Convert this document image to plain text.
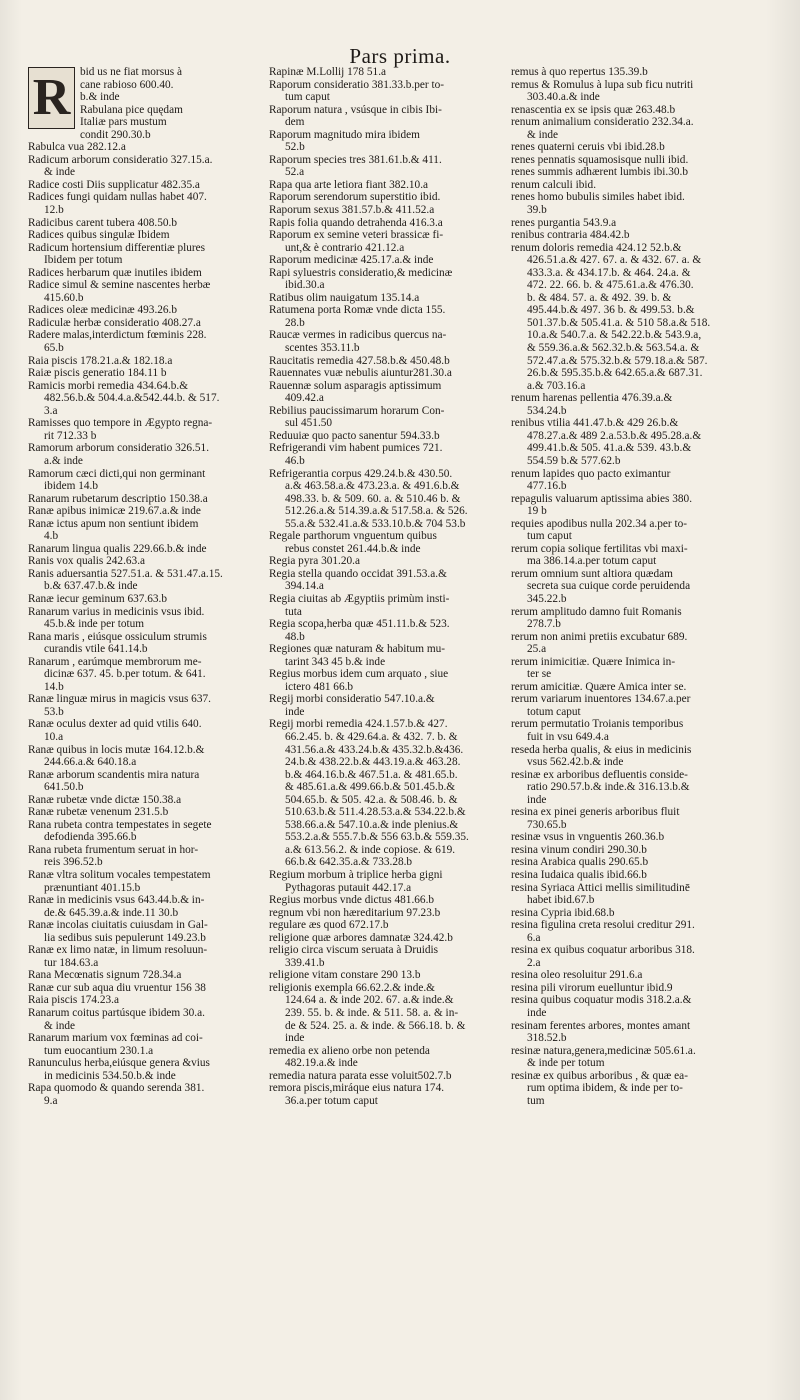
Pars prima.
R bid us ne fiat morsus à
cane rabioso 600.40.
b.& inde
Rabulana pice quędam
Italiæ pars mustum
condit 290.30.b
Rabulca vua 282.12.a
Radicum arborum consideratio 327.15.a.
& inde
Radice costi Diis supplicatur 482.35.a
Radices fungi quidam nullas habet 407.
12.b
Radicibus carent tubera 408.50.b
Radices quibus singulæ Ibidem
Radicum hortensium differentiæ plures
Ibidem per totum
Radices herbarum quæ inutiles ibidem
Radice simul & semine nascentes herbæ
415.60.b
Radices oleæ medicinæ 493.26.b
Radiculæ herbæ consideratio 408.27.a
Radere malas,interdictum fœminis 228.
65.b
Raia piscis 178.21.a.& 182.18.a
Raiæ piscis generatio 184.11 b
Ramicis morbi remedia 434.64.b.&
482.56.b.& 504.4.a.&542.44.b. & 517.
3.a
Ramisses quo tempore in Ægypto regna-
rit 712.33 b
Ramorum arborum consideratio 326.51.
a.& inde
Ramorum cæci dicti,qui non germinant
ibidem 14.b
Ranarum rubetarum descriptio 150.38.a
Ranæ apibus inimicæ 219.67.a.& inde
Ranæ ictus apum non sentiunt ibidem
4.b
Ranarum lingua qualis 229.66.b.& inde
Ranis vox qualis 242.63.a
Ranis aduersantia 527.51.a. & 531.47.a.15.
b.& 637.47.b.& inde
Ranæ iecur geminum 637.63.b
Ranarum varius in medicinis vsus ibid.
45.b.& inde per totum
Rana maris , eiúsque ossiculum strumis
curandis vtile 641.14.b
Ranarum , earúmque membrorum me-
dicinæ 637. 45. b.per totum. & 641.
14.b
Ranæ linguæ mirus in magicis vsus 637.
53.b
Ranæ oculus dexter ad quid vtilis 640.
10.a
Ranæ quibus in locis mutæ 164.12.b.&
244.66.a.& 640.18.a
Ranæ arborum scandentis mira natura
641.50.b
Ranæ rubetæ vnde dictæ 150.38.a
Ranæ rubetæ venenum 231.5.b
Rana rubeta contra tempestates in segete
defodienda 395.66.b
Rana rubeta frumentum seruat in hor-
reis 396.52.b
Ranæ vltra solitum vocales tempestatem
prænuntiant 401.15.b
Ranæ in medicinis vsus 643.44.b.& in-
de.& 645.39.a.& inde.11 30.b
Ranæ incolas ciuitatis cuiusdam in Gal-
lia sedibus suis pepulerunt 149.23.b
Ranæ ex limo natæ, in limum resoluun-
tur 184.63.a
Rana Mecœnatis signum 728.34.a
Ranæ cur sub aqua diu vruentur 156 38
Raia piscis 174.23.a
Ranarum coitus partúsque ibidem 30.a.
& inde
Ranarum marium vox fœminas ad coi-
tum euocantium 230.1.a
Ranunculus herba,eiúsque genera &vius
in medicinis 534.50.b.& inde
Rapa quomodo & quando serenda 381.
9.a
Rapinæ M.Lollij 178 51.a
Raporum consideratio 381.33.b.per to-
tum caput
Raporum natura , vsúsque in cibis Ibi-
dem
Raporum magnitudo mira ibidem
52.b
Raporum species tres 381.61.b.& 411.
52.a
Rapa qua arte letiora fiant 382.10.a
Raporum serendorum superstitio ibid.
Raporum sexus 381.57.b.& 411.52.a
Rapis folia quando detrahenda 416.3.a
Raporum ex semine veteri brassicæ fi-
unt,& è contrario 421.12.a
Raporum medicinæ 425.17.a.& inde
Rapi syluestris consideratio,& medicinæ
ibid.30.a
Ratibus olim nauigatum 135.14.a
Ratumena porta Romæ vnde dicta 155.
28.b
Raucæ vermes in radicibus quercus na-
scentes 353.11.b
Raucitatis remedia 427.58.b.& 450.48.b
Rauennates vuæ nebulis aiuntur281.30.a
Rauennæ solum asparagis aptissimum
409.42.a
Rebilius paucissimarum horarum Con-
sul 451.50
Reduuiæ quo pacto sanentur 594.33.b
Refrigerandi vim habent pumices 721.
46.b
Refrigerantia corpus 429.24.b.& 430.50.
a.& 463.58.a.& 473.23.a. & 491.6.b.&
498.33. b. & 509. 60. a. & 510.46 b. &
512.26.a.& 514.39.a.& 517.58.a. & 526.
55.a.& 532.41.a.& 533.10.b.& 704 53.b
Regale parthorum vnguentum quibus
rebus constet 261.44.b.& inde
Regia pyra 301.20.a
Regia stella quando occidat 391.53.a.&
394.14.a
Regia ciuitas ab Ægyptiis primùm insti-
tuta
Regia scopa,herba quæ 451.11.b.& 523.
48.b
Regiones quæ naturam & habitum mu-
tarint 343 45 b.& inde
Regius morbus idem cum arquato , siue
ictero 481 66.b
Regij morbi consideratio 547.10.a.&
inde
Regij morbi remedia 424.1.57.b.& 427.
66.2.45. b. & 429.64.a. & 432. 7. b. &
431.56.a.& 433.24.b.& 435.32.b.&436.
24.b.& 438.22.b.& 443.19.a.& 463.28.
b.& 464.16.b.& 467.51.a. & 481.65.b.
& 485.61.a.& 499.66.b.& 501.45.b.&
504.65.b. & 505. 42.a. & 508.46. b. &
510.63.b.& 511.4.28.53.a.& 534.22.b.&
538.66.a.& 547.10.a.& inde plenius.&
553.2.a.& 555.7.b.& 556 63.b.& 559.35.
a.& 613.56.2. & inde copiose. & 619.
66.b.& 642.35.a.& 733.28.b
Regium morbum à triplice herba gigni
Pythagoras putauit 442.17.a
Regius morbus vnde dictus 481.66.b
regnum vbi non hæreditarium 97.23.b
regulare æs quod 672.17.b
religione quæ arbores damnatæ 324.42.b
religio circa viscum seruata à Druidis
339.41.b
religione vitam constare 290 13.b
religionis exempla 66.62.2.& inde.&
124.64 a. & inde 202. 67. a.& inde.&
239. 55. b. & inde. & 511. 58. a. & in-
de & 524. 25. a. & inde. & 566.18. b. &
inde
remedia ex alieno orbe non petenda
482.19.a.& inde
remedia natura parata esse voluit502.7.b
remora piscis,miráque eius natura 174.
36.a.per totum caput
remus à quo repertus 135.39.b
remus & Romulus à lupa sub ficu nutriti
303.40.a.& inde
renascentia ex se ipsis quæ 263.48.b
renum animalium consideratio 232.34.a.
& inde
renes quaterni ceruis vbi ibid.28.b
renes pennatis squamosisque nulli ibid.
renes summis adhærent lumbis ibi.30.b
renum calculi ibid.
renes homo bubulis similes habet ibid.
39.b
renes purgantia 543.9.a
renibus contraria 484.42.b
renum doloris remedia 424.12 52.b.&
426.51.a.& 427. 67. a. & 432. 67. a. &
433.3.a. & 434.17.b. & 464. 24.a. &
472. 22. 66. b. & 475.61.a.& 476.30.
b. & 484. 57. a. & 492. 39. b. &
495.44.b.& 497. 36 b. & 499.53. b.&
501.37.b.& 505.41.a. & 510 58.a.& 518.
10.a.& 540.7.a. & 542.22.b.& 543.9.a,
& 559.36.a.& 562.32.b.& 563.54.a. &
572.47.a.& 575.32.b.& 579.18.a.& 587.
26.b.& 595.35.b.& 642.65.a.& 687.31.
a.& 703.16.a
renum harenas pellentia 476.39.a.&
534.24.b
renibus vtilia 441.47.b.& 429 26.b.&
478.27.a.& 489 2.a.53.b.& 495.28.a.&
499.41.b.& 505. 41.a.& 539. 43.b.&
554.59 b.& 577.62.b
renum lapides quo pacto eximantur
477.16.b
repagulis valuarum aptissima abies 380.
19 b
requies apodibus nulla 202.34 a.per to-
tum caput
rerum copia solique fertilitas vbi maxi-
ma 386.14.a.per totum caput
rerum omnium sunt altiora quædam
secreta sua cuique corde peruidenda
345.22.b
rerum amplitudo damno fuit Romanis
278.7.b
rerum non animi pretiis excubatur 689.
25.a
rerum inimicitiæ. Quære Inimica in-
ter se
rerum amicitiæ. Quære Amica inter se.
rerum variarum inuentores 134.67.a.per
totum caput
rerum permutatio Troianis temporibus
fuit in vsu 649.4.a
reseda herba qualis, & eius in medicinis
vsus 562.42.b.& inde
resinæ ex arboribus defluentis conside-
ratio 290.57.b.& inde.& 316.13.b.&
inde
resina ex pinei generis arboribus fluit
730.65.b
resinæ vsus in vnguentis 260.36.b
resina vinum condiri 290.30.b
resina Arabica qualis 290.65.b
resina Iudaica qualis ibid.66.b
resina Syriaca Attici mellis similitudinē
habet ibid.67.b
resina Cypria ibid.68.b
resina figulina creta resolui creditur 291.
6.a
resina ex quibus coquatur arboribus 318.
2.a
resina oleo resoluitur 291.6.a
resina pili virorum euelluntur ibid.9
resina quibus coquatur modis 318.2.a.&
inde
resinam ferentes arbores, montes amant
318.52.b
resinæ natura,genera,medicinæ 505.61.a.
& inde per totum
resinæ ex quibus arboribus , & quæ ea-
rum optima ibidem, & inde per to-
tum
